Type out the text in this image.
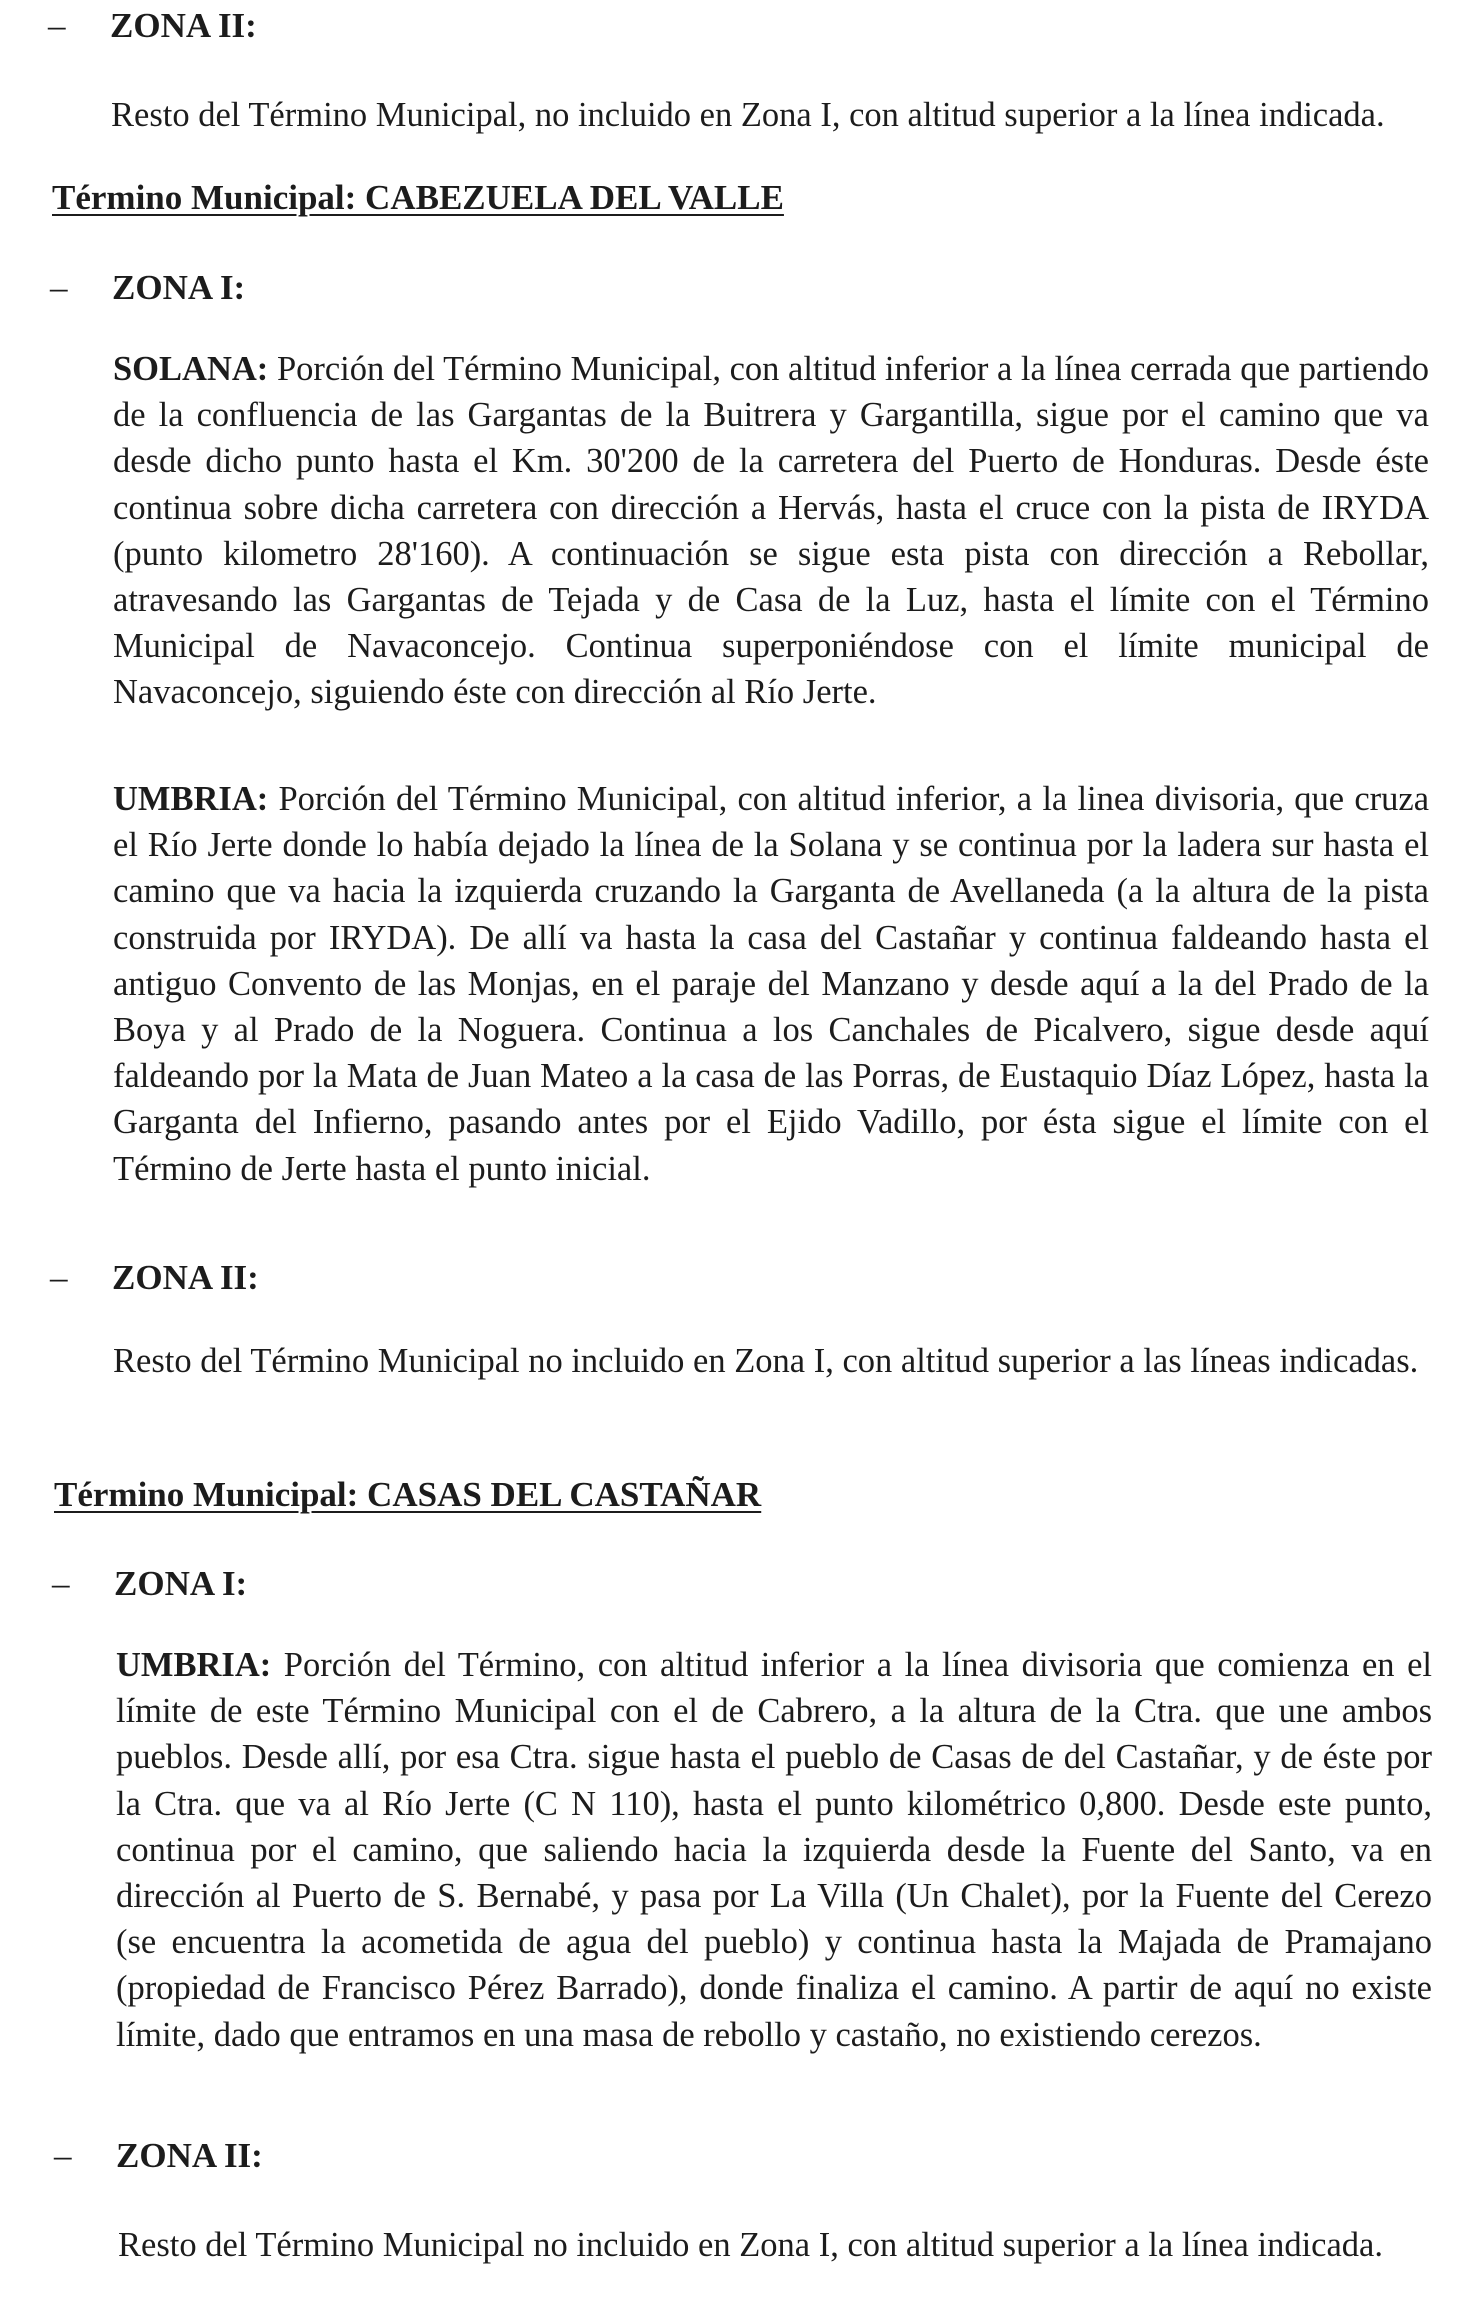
– ZONA II:
Resto del Término Municipal, no incluido en Zona I, con altitud superior a la línea indicada.
Término Municipal: CABEZUELA DEL VALLE
– ZONA I:
SOLANA: Porción del Término Municipal, con altitud inferior a la línea cerrada que partiendo de la confluencia de las Gargantas de la Buitrera y Gargantilla, sigue por el camino que va desde dicho punto hasta el Km. 30'200 de la carretera del Puerto de Honduras. Desde éste continua sobre dicha carretera con dirección a Hervás, hasta el cruce con la pista de IRYDA (punto kilometro 28'160). A continuación se sigue esta pista con dirección a Rebollar, atravesando las Gargantas de Tejada y de Casa de la Luz, hasta el límite con el Término Municipal de Navaconcejo. Continua superponiéndose con el límite municipal de Navaconcejo, siguiendo éste con dirección al Río Jerte.
UMBRIA: Porción del Término Municipal, con altitud inferior, a la linea divisoria, que cruza el Río Jerte donde lo había dejado la línea de la Solana y se continua por la ladera sur hasta el camino que va hacia la izquierda cruzando la Garganta de Avellaneda (a la altura de la pista construida por IRYDA). De allí va hasta la casa del Castañar y continua faldeando hasta el antiguo Convento de las Monjas, en el paraje del Manzano y desde aquí a la del Prado de la Boya y al Prado de la Noguera. Continua a los Canchales de Picalvero, sigue desde aquí faldeando por la Mata de Juan Mateo a la casa de las Porras, de Eustaquio Díaz López, hasta la Garganta del Infierno, pasando antes por el Ejido Vadillo, por ésta sigue el límite con el Término de Jerte hasta el punto inicial.
– ZONA II:
Resto del Término Municipal no incluido en Zona I, con altitud superior a las líneas indicadas.
Término Municipal: CASAS DEL CASTAÑAR
– ZONA I:
UMBRIA: Porción del Término, con altitud inferior a la línea divisoria que comienza en el límite de este Término Municipal con el de Cabrero, a la altura de la Ctra. que une ambos pueblos. Desde allí, por esa Ctra. sigue hasta el pueblo de Casas de del Castañar, y de éste por la Ctra. que va al Río Jerte (C N 110), hasta el punto kilométrico 0,800. Desde este punto, continua por el camino, que saliendo hacia la izquierda desde la Fuente del Santo, va en dirección al Puerto de S. Bernabé, y pasa por La Villa (Un Chalet), por la Fuente del Cerezo (se encuentra la acometida de agua del pueblo) y continua hasta la Majada de Pramajano (propiedad de Francisco Pérez Barrado), donde finaliza el camino. A partir de aquí no existe límite, dado que entramos en una masa de rebollo y castaño, no existiendo cerezos.
– ZONA II:
Resto del Término Municipal no incluido en Zona I, con altitud superior a la línea indicada.
